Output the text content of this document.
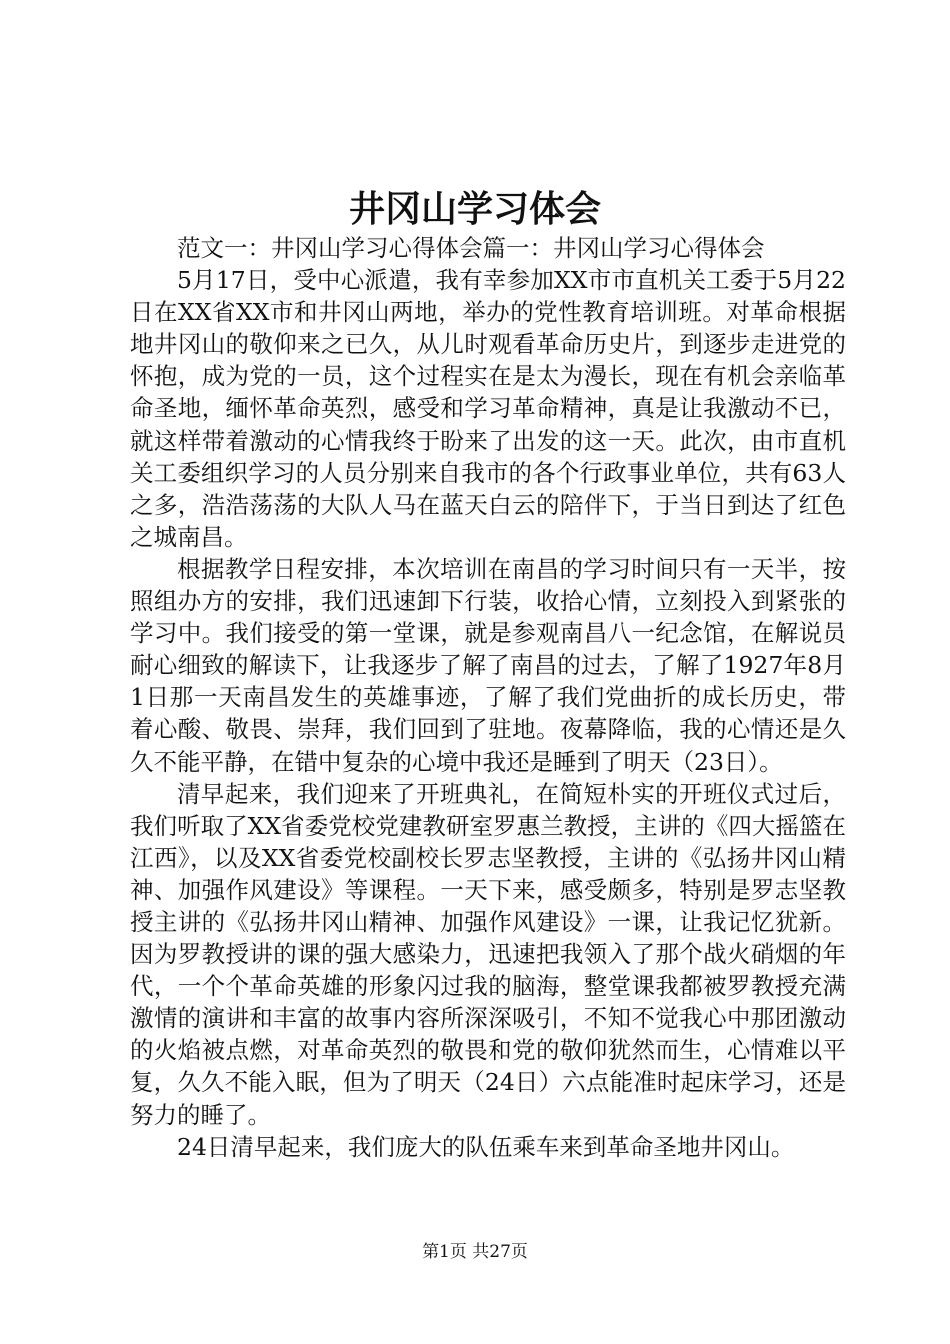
井冈山学习体会

范文一：井冈山学习心得体会篇一：井冈山学习心得体会

5月17日，受中心派遣，我有幸参加XX市市直机关工委于5月22日在XX省XX市和井冈山两地，举办的党性教育培训班。对革命根据地井冈山的敬仰来之已久，从儿时观看革命历史片，到逐步走进党的怀抱，成为党的一员，这个过程实在是太为漫长，现在有机会亲临革命圣地，缅怀革命英烈，感受和学习革命精神，真是让我激动不已，就这样带着激动的心情我终于盼来了出发的这一天。此次，由市直机关工委组织学习的人员分别来自我市的各个行政事业单位，共有63人之多，浩浩荡荡的大队人马在蓝天白云的陪伴下，于当日到达了红色之城南昌。

根据教学日程安排，本次培训在南昌的学习时间只有一天半，按照组办方的安排，我们迅速卸下行装，收拾心情，立刻投入到紧张的学习中。我们接受的第一堂课，就是参观南昌八一纪念馆，在解说员耐心细致的解读下，让我逐步了解了南昌的过去，了解了1927年8月1日那一天南昌发生的英雄事迹，了解了我们党曲折的成长历史，带着心酸、敬畏、崇拜，我们回到了驻地。夜幕降临，我的心情还是久久不能平静，在错中复杂的心境中我还是睡到了明天（23日）。

清早起来，我们迎来了开班典礼，在简短朴实的开班仪式过后，我们听取了XX省委党校党建教研室罗惠兰教授，主讲的《四大摇篮在江西》，以及XX省委党校副校长罗志坚教授，主讲的《弘扬井冈山精神、加强作风建设》等课程。一天下来，感受颇多，特别是罗志坚教授主讲的《弘扬井冈山精神、加强作风建设》一课，让我记忆犹新。因为罗教授讲的课的强大感染力，迅速把我领入了那个战火硝烟的年代，一个个革命英雄的形象闪过我的脑海，整堂课我都被罗教授充满激情的演讲和丰富的故事内容所深深吸引，不知不觉我心中那团激动的火焰被点燃，对革命英烈的敬畏和党的敬仰犹然而生，心情难以平复，久久不能入眠，但为了明天（24日）六点能准时起床学习，还是努力的睡了。

24日清早起来，我们庞大的队伍乘车来到革命圣地井冈山。

第1页 共27页
